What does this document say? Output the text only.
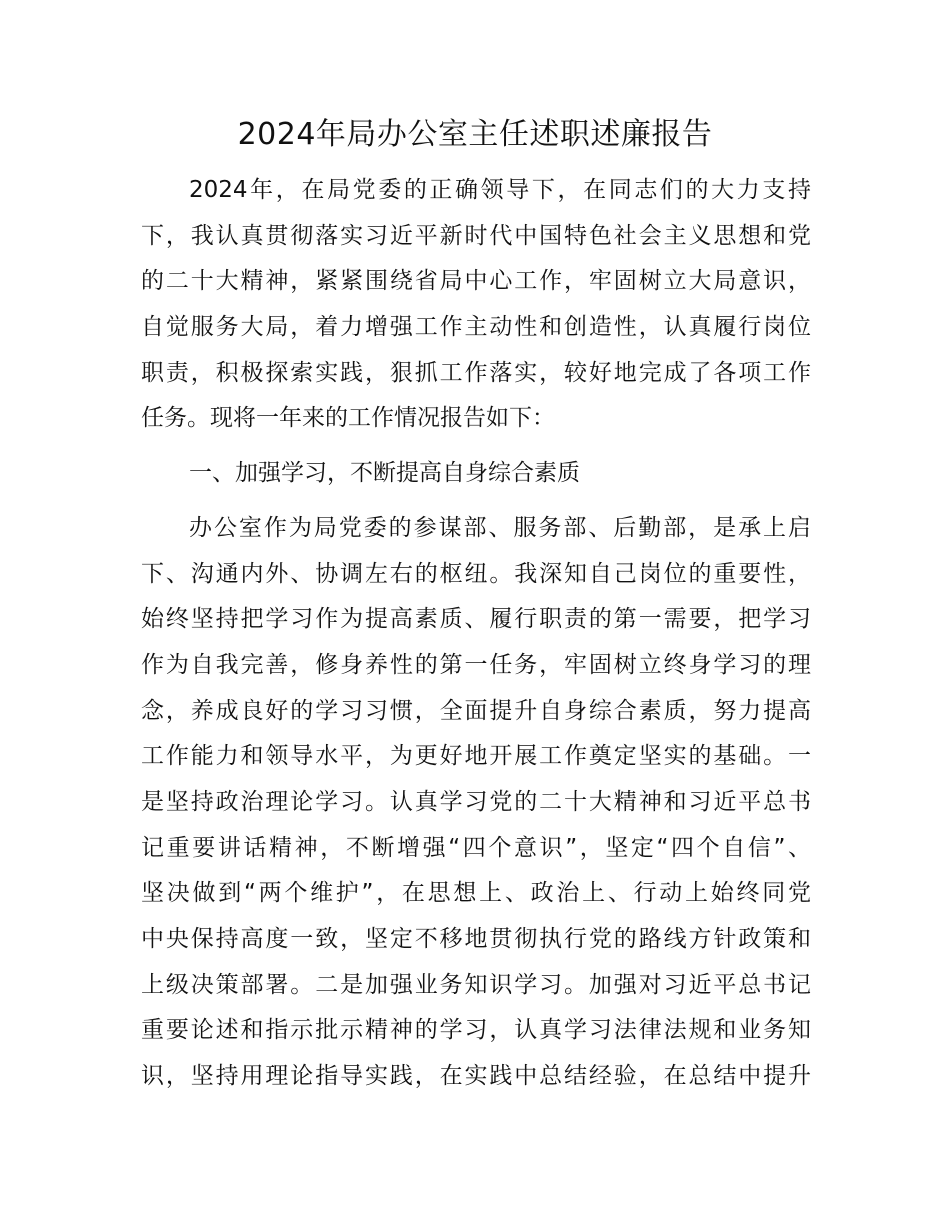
2024年局办公室主任述职述廉报告
2024年，在局党委的正确领导下，在同志们的大力支持
下，我认真贯彻落实习近平新时代中国特色社会主义思想和党
的二十大精神，紧紧围绕省局中心工作，牢固树立大局意识，
自觉服务大局，着力增强工作主动性和创造性，认真履行岗位
职责，积极探索实践，狠抓工作落实，较好地完成了各项工作
任务。现将一年来的工作情况报告如下：
一、加强学习，不断提高自身综合素质
办公室作为局党委的参谋部、服务部、后勤部，是承上启
下、沟通内外、协调左右的枢纽。我深知自己岗位的重要性，
始终坚持把学习作为提高素质、履行职责的第一需要，把学习
作为自我完善，修身养性的第一任务，牢固树立终身学习的理
念，养成良好的学习习惯，全面提升自身综合素质，努力提高
工作能力和领导水平，为更好地开展工作奠定坚实的基础。一
是坚持政治理论学习。认真学习党的二十大精神和习近平总书
记重要讲话精神，不断增强“四个意识”，坚定“四个自信”、
坚决做到“两个维护”，在思想上、政治上、行动上始终同党
中央保持高度一致，坚定不移地贯彻执行党的路线方针政策和
上级决策部署。二是加强业务知识学习。加强对习近平总书记
重要论述和指示批示精神的学习，认真学习法律法规和业务知
识，坚持用理论指导实践，在实践中总结经验，在总结中提升
